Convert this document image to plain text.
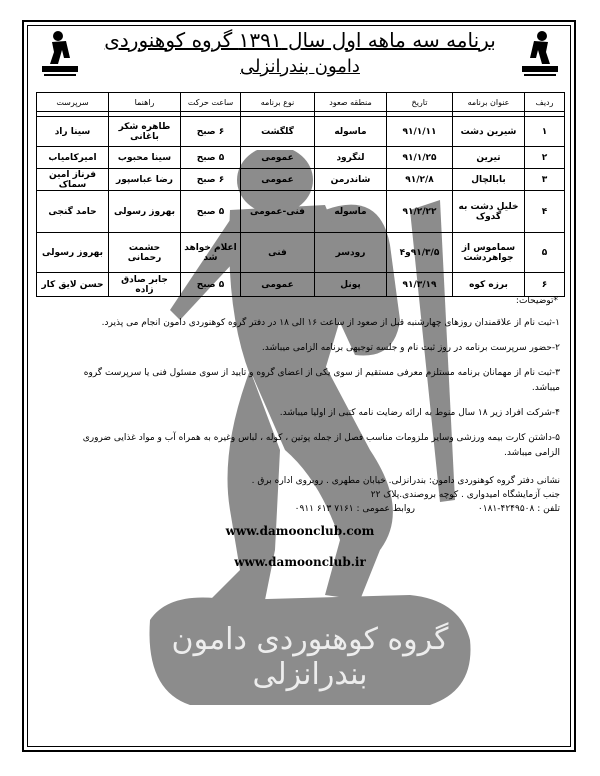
گروه کوهنوردی دامون بندرانزلی
برنامه سه ماهه اول سال ۱۳۹۱ گروه کوهنوردی
دامون بندرانزلی
ردیف	عنوان برنامه	تاریخ	منطقه صعود	نوع برنامه	ساعت حرکت	راهنما	سرپرست

۱	شیرین دشت	۹۱/۱/۱۱	ماسوله	گلگشت	۶ صبح	طاهره شکر باغانی	سینا راد
۲	تیرین	۹۱/۱/۲۵	لنگرود	عمومی	۵ صبح	سینا محبوب	امیرکامیاب
۳	بابالچال	۹۱/۲/۸	شاندرمن	عمومی	۶ صبح	رضا عباسپور	فرناز امین سماک
۴	خلیل دشت به گدوک	۹۱/۲/۲۲	ماسوله	فنی-عمومی	۵ صبح	بهروز رسولی	حامد گنجی
۵	سماموس از جواهردشت	۹۱/۳/۵و۴	رودسر	فنی	اعلام خواهد شد	حشمت رحمانی	بهروز رسولی
۶	برزه کوه	۹۱/۳/۱۹	پونل	عمومی	۵ صبح	جابر صادق زاده	حسن لایق کار
*توضیحات:

۱-ثبت نام از علاقمندان روزهای چهارشنبه قبل از صعود از ساعت ۱۶ الی ۱۸ در دفتر گروه کوهنوردی دامون انجام می پذیرد.

۲-حضور سرپرست برنامه در روز ثبت نام و جلسه توجیهی برنامه الزامی میباشد.

۳-ثبت نام از مهمانان برنامه مستلزم معرفی مستقیم از سوی یکی از اعضای گروه و تایید از سوی مسئول فنی یا سرپرست گروه میباشد.

۴-شرکت افراد زیر ۱۸ سال منوط به ارائه رضایت نامه کتبی از اولیا میباشد.

۵-داشتن کارت بیمه ورزشی وسایر ملزومات مناسب فصل از جمله پوتین ، کوله ، لباس وغیره به همراه آب و مواد غذایی ضروری الزامی میباشد.

نشانی دفتر گروه کوهنوردی دامون: بندرانزلی. خیابان مطهری . روبروی اداره برق .
جنب آزمایشگاه امیدواری . کوچه بروصندی.پلاک ۲۲
تلفن : ۴۲۴۹۵۰۸-۰۱۸۱ روابط عمومی : ۷۱۶۱ ۶۱۳ ۰۹۱۱
www.damoonclub.com
www.damoonclub.ir
